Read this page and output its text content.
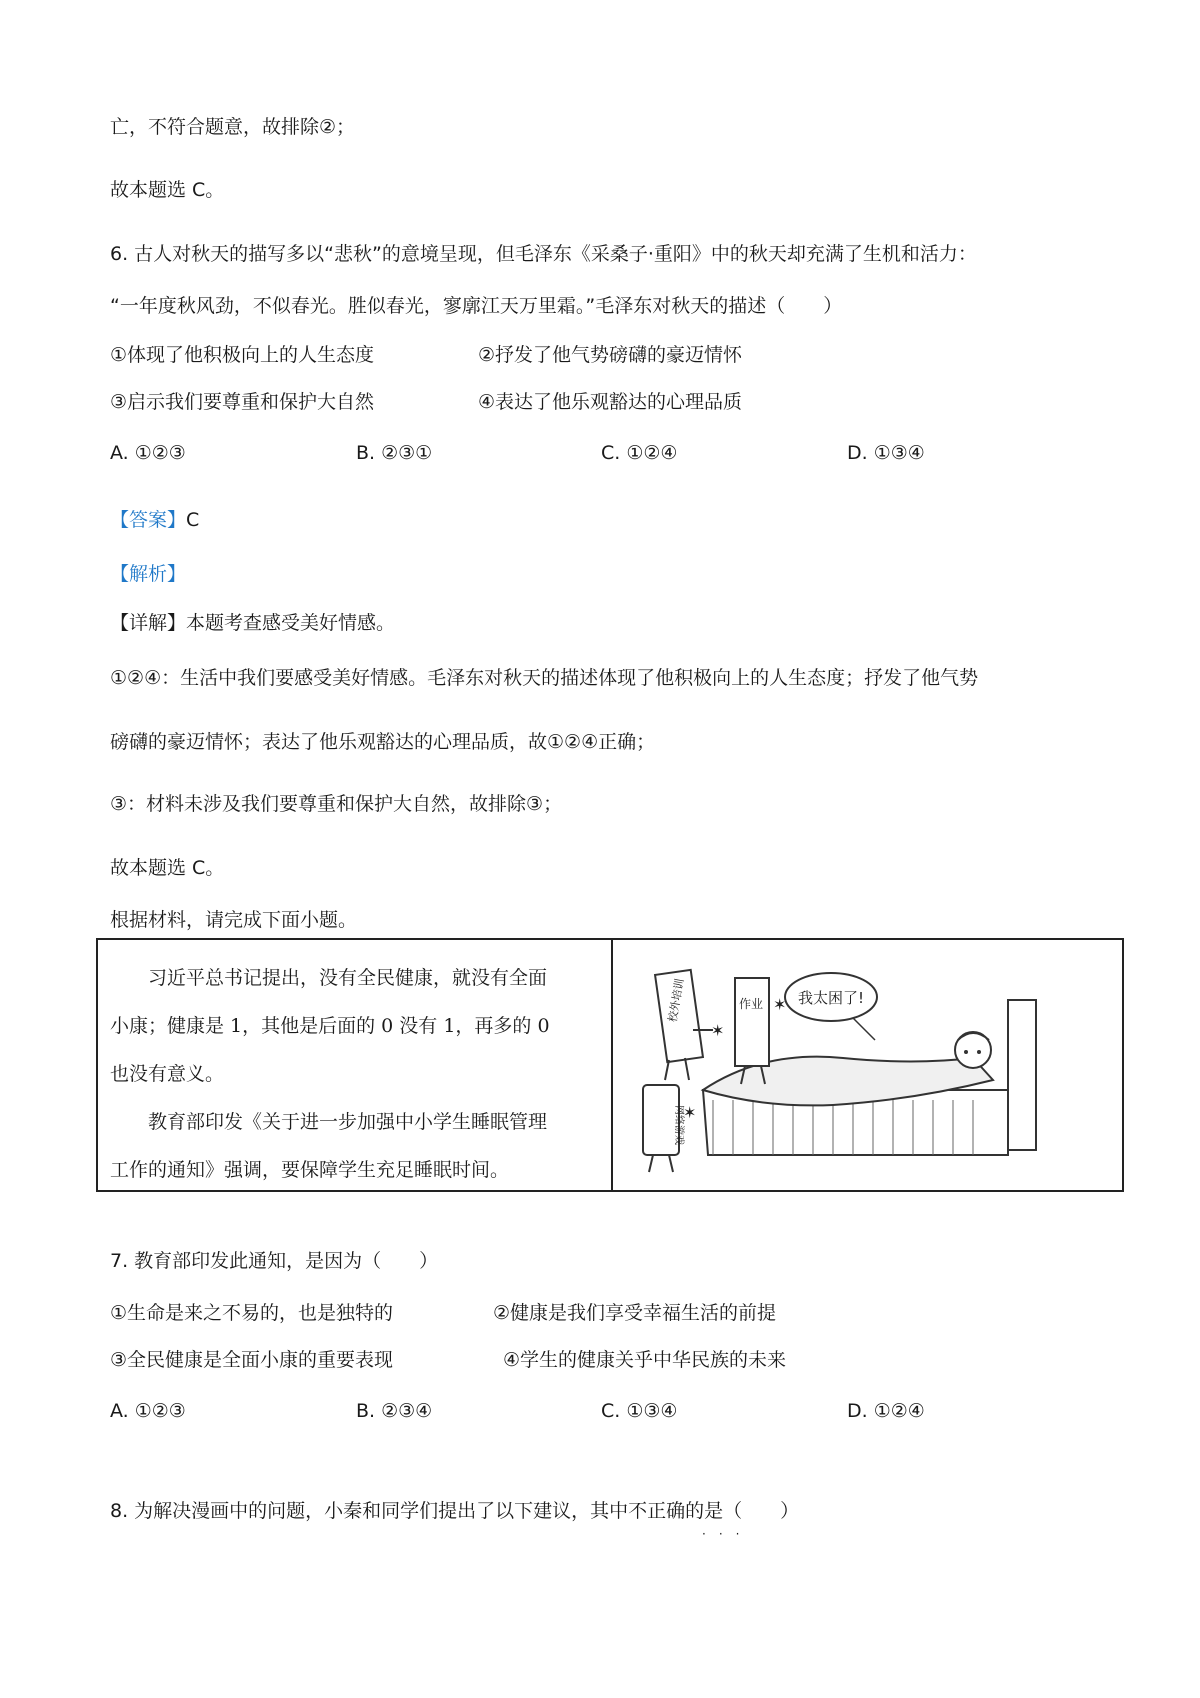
亡，不符合题意，故排除②；
故本题选 C。
6. 古人对秋天的描写多以“悲秋”的意境呈现，但毛泽东《采桑子·重阳》中的秋天却充满了生机和活力：
“一年度秋风劲，不似春光。胜似春光，寥廓江天万里霜。”毛泽东对秋天的描述（　　）
①体现了他积极向上的人生态度	②抒发了他气势磅礴的豪迈情怀
③启示我们要尊重和保护大自然	④表达了他乐观豁达的心理品质
A. ①②③	B. ②③①	C. ①②④	D. ①③④
【答案】C
【解析】
【详解】本题考查感受美好情感。
①②④：生活中我们要感受美好情感。毛泽东对秋天的描述体现了他积极向上的人生态度；抒发了他气势
磅礴的豪迈情怀；表达了他乐观豁达的心理品质，故①②④正确；
③：材料未涉及我们要尊重和保护大自然，故排除③；
故本题选 C。
根据材料，请完成下面小题。

习近平总书记提出，没有全民健康，就没有全面

小康；健康是 1，其他是后面的 0 没有 1，再多的 0

也没有意义。

教育部印发《关于进一步加强中小学生睡眠管理

工作的通知》强调，要保障学生充足睡眠时间。

我太困了!
校外培训
✶
作业 ✶
网络游戏 ✶
7. 教育部印发此通知，是因为（　　）
①生命是来之不易的，也是独特的	②健康是我们享受幸福生活的前提
③全民健康是全面小康的重要表现	④学生的健康关乎中华民族的未来
A. ①②③	B. ②③④	C. ①③④	D. ①②④
8. 为解决漫画中的问题，小秦和同学们提出了以下建议，其中不正确的是（　　）
···
